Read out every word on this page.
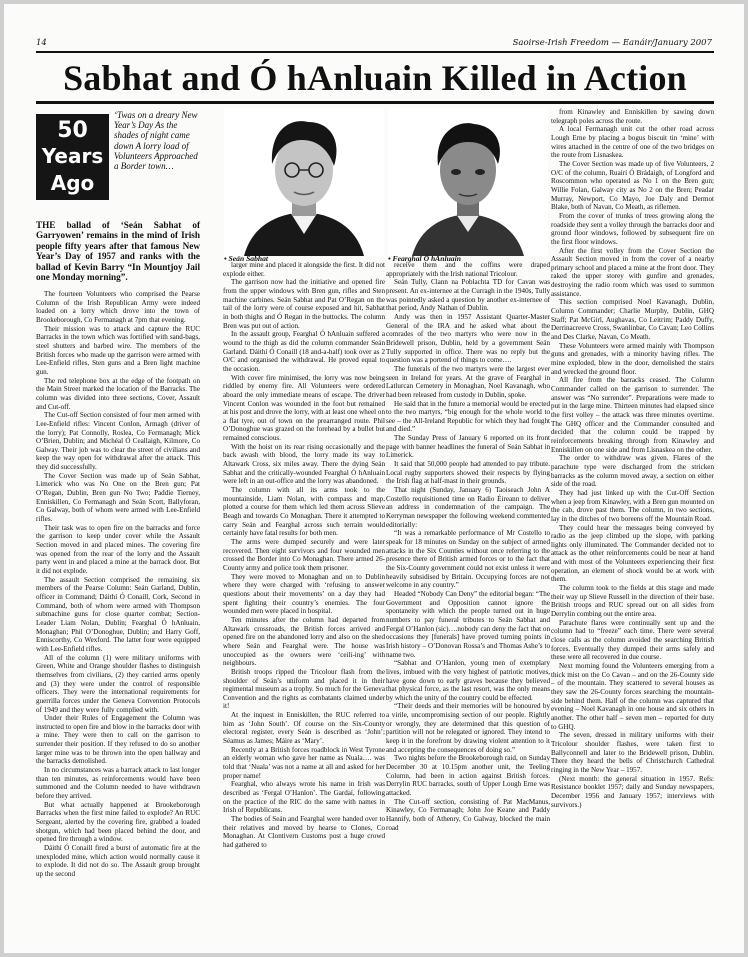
14	Saoirse-Irish Freedom — Eanáir/January 2007
Sabhat and Ó hAnluain Killed in Action
50
Years
Ago
‘Twas on a dreary New Year’s Day As the shades of night came down A lorry load of Volunteers Approached a Border town…
THE ballad of ‘Seán Sabhat of Garryowen’ remains in the mind of Irish people fifty years after that famous New Year’s Day of 1957 and ranks with the ballad of Kevin Barry “In Mountjoy Jail one Monday morning”.

The fourteen Volunteers who comprised the Pearse Column of the Irish Republican Army were indeed loaded on a lorry which drove into the town of Brookeborough, Co Fermanagh at 7pm that evening.

Their mission was to attack and capture the RUC Barracks in the town which was fortified with sand-bags, steel shutters and barbed wire. The members of the British forces who made up the garrison were armed with Lee-Enfield rifles, Sten guns and a Bren light machine gun.

The red telephone box at the edge of the footpath on the Main Street marked the location of the Barracks. The column was divided into three sections, Cover, Assault and Cut-off.

The Cut-off Section consisted of four men armed with Lee-Enfield rifles: Vincent Conlon, Armagh (driver of the lorry); Pat Connolly, Roslea, Co Fermanagh; Mick O’Brien, Dublin; and Michéal Ó Ceallaigh, Kilmore, Co Galway. Their job was to clear the street of civilians and keep the way open for withdrawal after the attack. This they did successfully.

The Cover Section was made up of Seán Sabhat, Limerick who was No One on the Bren gun; Pat O’Regan, Dublin, Bren gun No Two; Paddie Tierney, Enniskillen, Co Fermanagh and Seán Scott, Ballyforan, Co Galway, both of whom were armed with Lee-Enfield rifles.

Their task was to open fire on the barracks and force the garrison to keep under cover while the Assault Section moved in and placed mines. The covering fire was opened from the rear of the lorry and the Assault party went in and placed a mine at the barrack door. But it did not explode.

The assault Section comprised the remaining six members of the Pearse Column: Seán Garland, Dublin, officer in Command; Dáithí Ó Conaill, Cork, Second in Command, both of whom were armed with Thompson submachine guns for close quarter combat; Section-Leader Liam Nolan, Dublin; Fearghal Ó hAnluain, Monaghan; Phil O’Donoghue, Dublin; and Harry Goff, Enniscorthy, Co Wexford. The latter four were equipped with Lee-Enfield rifles.

All of the column (1) were military uniforms with Green, White and Orange shoulder flashes to distinguish themselves from civilians, (2) they carried arms openly and (3) they were under the control of responsible officers. They were the international requirements for guerrilla forces under the Geneva Convention Protocols of 1949 and they were fully complied with.

Under their Rules of Engagement the Column was instructed to open fire and blow in the barracks door with a mine. They were then to call on the garrison to surrender their position. If they refused to do so another larger mine was to be thrown into the open hallway and the barracks demolished.

In no circumstances was a barrack attack to last longer than ten minutes, as reinforcements would have been summoned and the Column needed to have withdrawn before they arrived.

But what actually happened at Brookeborough Barracks when the first mine failed to explode? An RUC Sergeant, alerted by the covering fire, grabbed a loaded shotgun, which had been placed behind the door, and opened fire through a window.

Dáithí Ó Conaill fired a burst of automatic fire at the unexploded mine, which action would normally cause it to explode. It did not do so. The Assault group brought up the second

• Seán Sabhat	• Fearghal Ó hAnluain

larger mine and placed it alongside the first. It did not explode either.

The garrison now had the initiative and opened fire from the upper windows with Bren gun, rifles and Sten machine carbines. Seán Sabhat and Pat O’Regan on the tail of the lorry were of course exposed and hit, Sabhat in both thighs and Ó Regan in the buttocks. The column Bren was put out of action.

In the assault group, Fearghal Ó hAnluain suffered a wound to the thigh as did the column commander Seán Garland. Dáithí Ó Conaill (18 and-a-half) took over as 2 O/C and organised the withdrawal. He proved equal to the occasion.

With cover fire minimised, the lorry was now being riddled by enemy fire. All Volunteers were ordered aboard the only immediate means of escape. The driver Vincent Conlon was wounded in the foot but remained at his post and drove the lorry, with at least one wheel on a flat tyre, out of town on the prearranged route. Phil O’Donoghue was grazed on the forehead by a bullet but remained conscious.

With the hoist on its rear rising occasionally and the back awash with blood, the lorry made its way to Altawark Cross, six miles away. There the dying Seán Sabhat and the critically-wounded Fearghal Ó hAnluain were left in an out-office and the lorry was abandoned.

The column with all its arms took to the mountainside, Liam Nolan, with compass and map, plotted a course for them which led them across Slieve Beagh and towards Co Monaghan. There it attempted to carry Seán and Fearghal across such terrain would certainly have fatal results for both men.

The arms were dumped securely and were later recovered. Then eight survivors and four wounded men crossed the Border into Co Monaghan. There armed 26-County army and police took them prisoner.

They were moved to Monaghan and on to Dublin where they were charged with ‘refusing to answer questions about their movements’ on a day they had spent fighting their country’s enemies. The four wounded men were placed in hospital.

Ten minutes after the column had departed from Altawark crossroads, the British forces arrived and opened fire on the abandoned lorry and also on the shed where Seán and Fearghal were. The house was unoccupied as the owners were ‘ceili-ing’ with neighbours.

British troops ripped the Tricolour flash from the shoulder of Seán’s uniform and placed it in their regimental museum as a trophy. So much for the Geneva Convention and the rights as combatants claimed under it!

At the inquest in Enniskillen, the RUC referred to him as ‘John South’. Of course on the Six-County electoral register, every Seán is described as ‘John’; Séamus as James; Máire as ‘Mary’.

Recently at a British forces roadblock in West Tyrone an elderly woman who gave her name as Nuala…. was told that ‘Nuala’ was not a name at all and asked for her proper name!

Fearghal, who always wrote his name in Irish was described as ‘Fergal O’Hanlon’. The Gardaí, following on the practice of the RIC do the same with names in Irish of Republicans.

The bodies of Seán and Fearghal were handed over to their relatives and moved by hearse to Clones, Co Monaghan. At Clontivern Customs post a huge crowd had gathered to

receive them and the coffins were draped appropriately with the Irish national Tricolour.

Seán Tully, Clann na Poblachta TD for Cavan was present. An ex-internee at the Curragh in the 1940s, Tully was pointedly asked a question by another ex-internee of that period, Andy Nathan of Dublin.

Andy was then in 1957 Assistant Quarter-Master General of the IRA and he asked what about the comrades of the two martyrs who were now in the Bridewell prison, Dublin, held by a government Seán Tully supported in office. There was no reply but the question was a portend of things to come….

The funerals of the two martyrs were the largest ever seen in Ireland for years. At the grave of Fearghal in Latlurcan Cemetery in Monaghan, Noel Kavanagh, who had been released from custody in Dublin, spoke.

He said that in the future a memorial would be erected to the two martyrs, “big enough for the whole world to see – the All-Ireland Republic for which they had fought and died.”

The Sunday Press of January 6 reported on its front page with banner headlines the funeral of Seán Sabhat in Limerick.

It said that 50,000 people had attended to pay tribute. Local rugby supporters showed their respects by flying the Irish flag at half-mast in their grounds.

That night (Sunday, January 6) Taoiseach John A Costello requisitioned time on Radio Éireann to deliver an address in condemnation of the campaign. The Kerryman newspaper the following weekend commented editorially:

“It was a remarkable performance of Mr Costello to speak for 18 minutes on Sunday on the subject of armed attacks in the Six Counties without once referring to the presence there of British armed forces or to the fact that the Six-County government could not exist unless it were heavily subsidised by Britain. Occupying forces are not welcome in any country.”

Headed “Nobody Can Deny” the editorial began: “The Government and Opposition cannot ignore the spontaneity with which the people turned out in huge numbers to pay funeral tributes to Seán Sabhat and Fergal O’Hanlon (sic)….nobody can deny the fact that on occasions they [funerals] have proved turning points in Irish history – O’Donovan Rossa’s and Thomas Ashe’s to name two.

“Sabhat and O’Hanlon, young men of exemplary lives, imbued with the very highest of patriotic motives, have gone down to early graves because they believed that physical force, as the last resort, was the only means by which the unity of the country could be effected.

“Their deeds and their memories will be honoured by a virile, uncompromising section of our people. Rightly or wrongly, they are determined that this question of partition will not be relegated or ignored. They intend to keep it in the forefront by drawing violent attention to it and accepting the consequences of doing so.”

Two nights before the Brookeborough raid, on Sunday December 30 at 10.15pm another unit, the Teeling Column, had been in action against British forces. Derrylin RUC barracks, south of Upper Lough Erne was attacked.

The Cut-off section, consisting of Pat MacManus, Kinawley, Co Fermanagh; John Joe Keane and Paddy Hannify, both of Athenry, Co Galway, blocked the main road

from Kinawley and Enniskillen by sawing down telegraph poles across the route.

A local Fermanagh unit cut the other road across Lough Erne by placing a bogus biscuit tin ‘mine’ with wires attached in the centre of one of the two bridges on the route from Lisnaskea.

The Cover Section was made up of five Volunteers, 2 O/C of the column, Ruairí Ó Brádaigh, of Longford and Roscommon who operated as No 1 on the Bren gun; Willie Folan, Galway city as No 2 on the Bren; Peadar Murray, Newport, Co Mayo, Joe Daly and Dermot Blake, both of Navan, Co Meath, as riflemen.

From the cover of trunks of trees growing along the roadside they sent a volley through the barracks door and ground floor windows, followed by subsequent fire on the first floor windows.

After the first volley from the Cover Section the Assault Section moved in from the cover of a nearby primary school and placed a mine at the front door. They raked the upper storey with gunfire and grenades, destroying the radio room which was used to summon assistance.

This section comprised Noel Kavanagh, Dublin, Column Commander; Charlie Murphy, Dublin, GHQ Staff; Pat McGirl, Aughavas, Co Leitrim; Paddy Duffy, Derrinacreeve Cross, Swanlinbar, Co Cavan; Leo Collins and Des Clarke, Navan, Co Meath.

These Volunteers were armed mainly with Thompson guns and grenades, with a minority having rifles. The mine exploded, blew in the door, demolished the stairs and wrecked the ground floor.

All fire from the barracks ceased. The Column Commander called on the garrison to surrender. The answer was “No surrender”. Preparations were made to put in the large mine. Thirteen minutes had elapsed since the first volley – the attack was three minutes overtime. The GHQ officer and the Commander consulted and decided that the column could be trapped by reinforcements breaking through from Kinawley and Enniskillen on one side and from Lisnaskea on the other.

The order to withdraw was given. Flares of the parachute type were discharged from the stricken barracks as the column moved away, a section on either side of the road.

They had just linked up with the Cut-Off Section when a jeep from Kinawley, with a Bren gun mounted on the cab, drove past them. The column, in two sections, lay in the ditches of two boreens off the Mountain Road.

They could hear the messages being conveyed by radio as the jeep climbed up the slope, with parking lights only illuminated. The Commander decided not to attack as the other reinforcements could be near at hand and with most of the Volunteers experiencing their first operation, an element of shock would be at work with them.

The column took to the fields at this stage and made their way up Slieve Russell in the direction of their base. British troops and RUC spread out on all sides from Derrylin combing out the entire area.

Parachute flares were continually sent up and the column had to “freeze” each time. There were several close calls as the column avoided the searching British forces. Eventually they dumped their arms safely and these were all recovered in due course.

Next morning found the Volunteers emerging from a thick mist on the Co Cavan – and on the 26-County side – of the mountain. They scattered to several houses as they saw the 26-County forces searching the mountain-side behind them. Half of the column was captured that evening – Noel Kavanagh in one house and six others in another. The other half – seven men – reported for duty to GHQ.

The seven, dressed in military uniforms with their Tricolour shoulder flashes, were taken first to Ballyconnell and later to the Bridewell prison, Dublin. There they heard the bells of Christchurch Cathedral ringing in the New Year – 1957.

(Next month: the general situation in 1957. Refs: Resistance booklet 1957; daily and Sunday newspapers, December 1956 and January 1957; interviews with survivors.)
